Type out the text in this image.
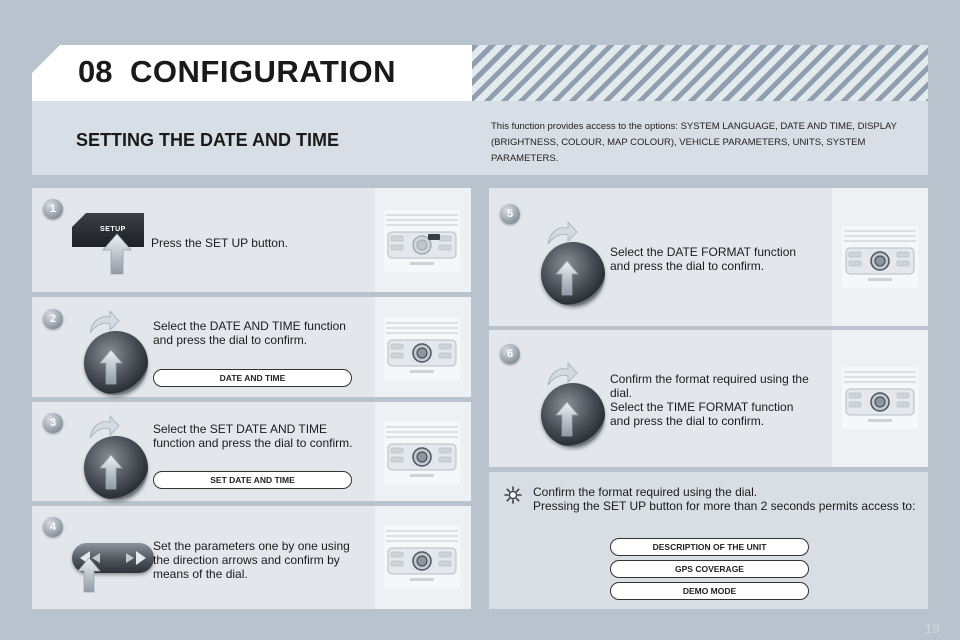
08 CONFIGURATION
SETTING THE DATE AND TIME
This function provides access to the options: SYSTEM LANGUAGE, DATE AND TIME, DISPLAY (BRIGHTNESS, COLOUR, MAP COLOUR), VEHICLE PARAMETERS, UNITS, SYSTEM PARAMETERS.
1
SETUP
Press the SET UP button.
2	Select the DATE AND TIME function and press the dial to confirm.
DATE AND TIME
3	Select the SET DATE AND TIME function and press the dial to confirm.
SET DATE AND TIME
4
Set the parameters one by one using the direction arrows and confirm by means of the dial.
5
Select the DATE FORMAT function and press the dial to confirm.
6
Confirm the format required using the dial.
Select the TIME FORMAT function and press the dial to confirm.
Confirm the format required using the dial.
Pressing the SET UP button for more than 2 seconds permits access to:
DESCRIPTION OF THE UNIT
GPS COVERAGE
DEMO MODE
19
